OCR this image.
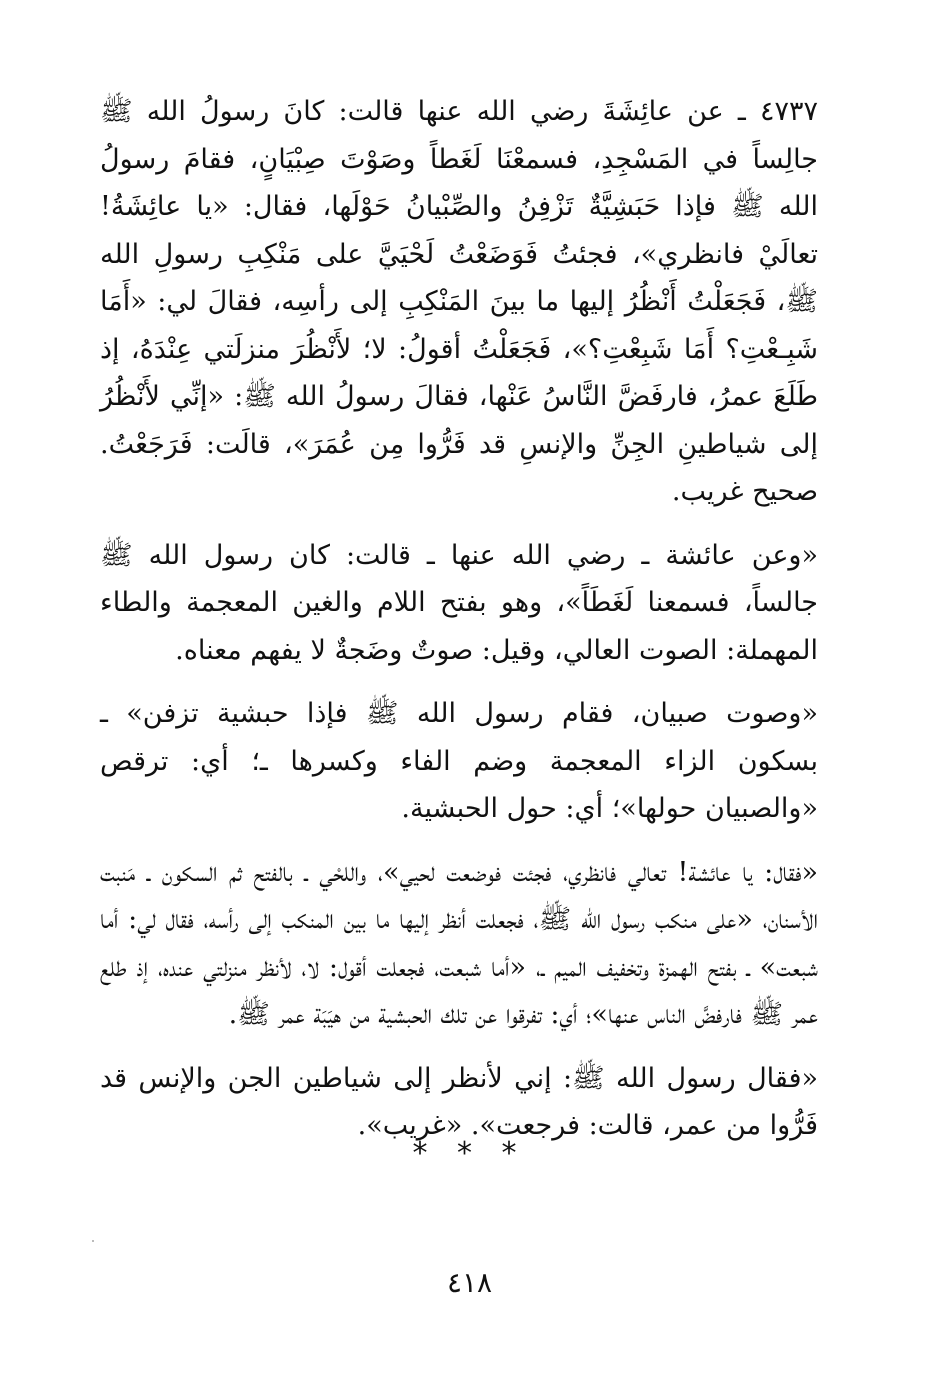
٤٧٣٧ ـ عن عائِشَةَ رضي الله عنها قالت: كانَ رسولُ الله ﷺ جالِساً في المَسْجِدِ، فسمعْنَا لَغَطاً وصَوْتَ صِبْيَانٍ، فقامَ رسولُ الله ﷺ فإذا حَبَشِيَّةٌ تَزْفِنُ والصِّبْيانُ حَوْلَها، فقال: «يا عائِشَةُ! تعالَيْ فانظري»، فجئتُ فَوَضَعْتُ لَحْيَيَّ على مَنْكِبِ رسولِ الله ﷺ، فَجَعَلْتُ أَنْظُرُ إليها ما بينَ المَنْكِبِ إلى رأسِه، فقالَ لي: «أَمَا شَبِـعْتِ؟ أَمَا شَبِعْتِ؟»، فَجَعَلْتُ أقولُ: لا؛ لأَنْظُرَ منزلَتي عِنْدَهُ، إذ طَلَعَ عمرُ، فارفَضَّ النَّاسُ عَنْها، فقالَ رسولُ الله ﷺ: «إنِّي لأَنْظُرُ إلى شياطينِ الجِنِّ والإنسِ قد فَرُّوا مِن عُمَرَ»، قالَت: فَرَجَعْتُ. صحيح غريب.

«وعن عائشة ـ رضي الله عنها ـ قالت: كان رسول الله ﷺ جالساً، فسمعنا لَغَطَاً»، وهو بفتح اللام والغين المعجمة والطاء المهملة: الصوت العالي، وقيل: صوتٌ وضَجةٌ لا يفهم معناه.

«وصوت صبيان، فقام رسول الله ﷺ فإذا حبشية تزفن» ـ بسكون الزاء المعجمة وضم الفاء وكسرها ـ؛ أي: ترقص «والصبيان حولها»؛ أي: حول الحبشية.

«فقال: يا عائشة! تعالي فانظري، فجئت فوضعت لحيي»، واللحْي ـ بالفتح ثم السكون ـ مَنبت الأسنان، «على منكب رسول الله ﷺ، فجعلت أنظر إليها ما بين المنكب إلى رأسه، فقال لي: أما شبعت» ـ بفتح الهمزة وتخفيف الميم ـ، «أما شبعت، فجعلت أقول: لا، لأنظر منزلتي عنده، إذ طلع عمر ﷺ فارفضَّ الناس عنها»؛ أي: تفرقوا عن تلك الحبشية من هيَبَة عمر ﷺ.

«فقال رسول الله ﷺ: إني لأنظر إلى شياطين الجن والإنس قد فَرُّوا من عمر، قالت: فرجعت». «غريب».

* * *
٤١٨
